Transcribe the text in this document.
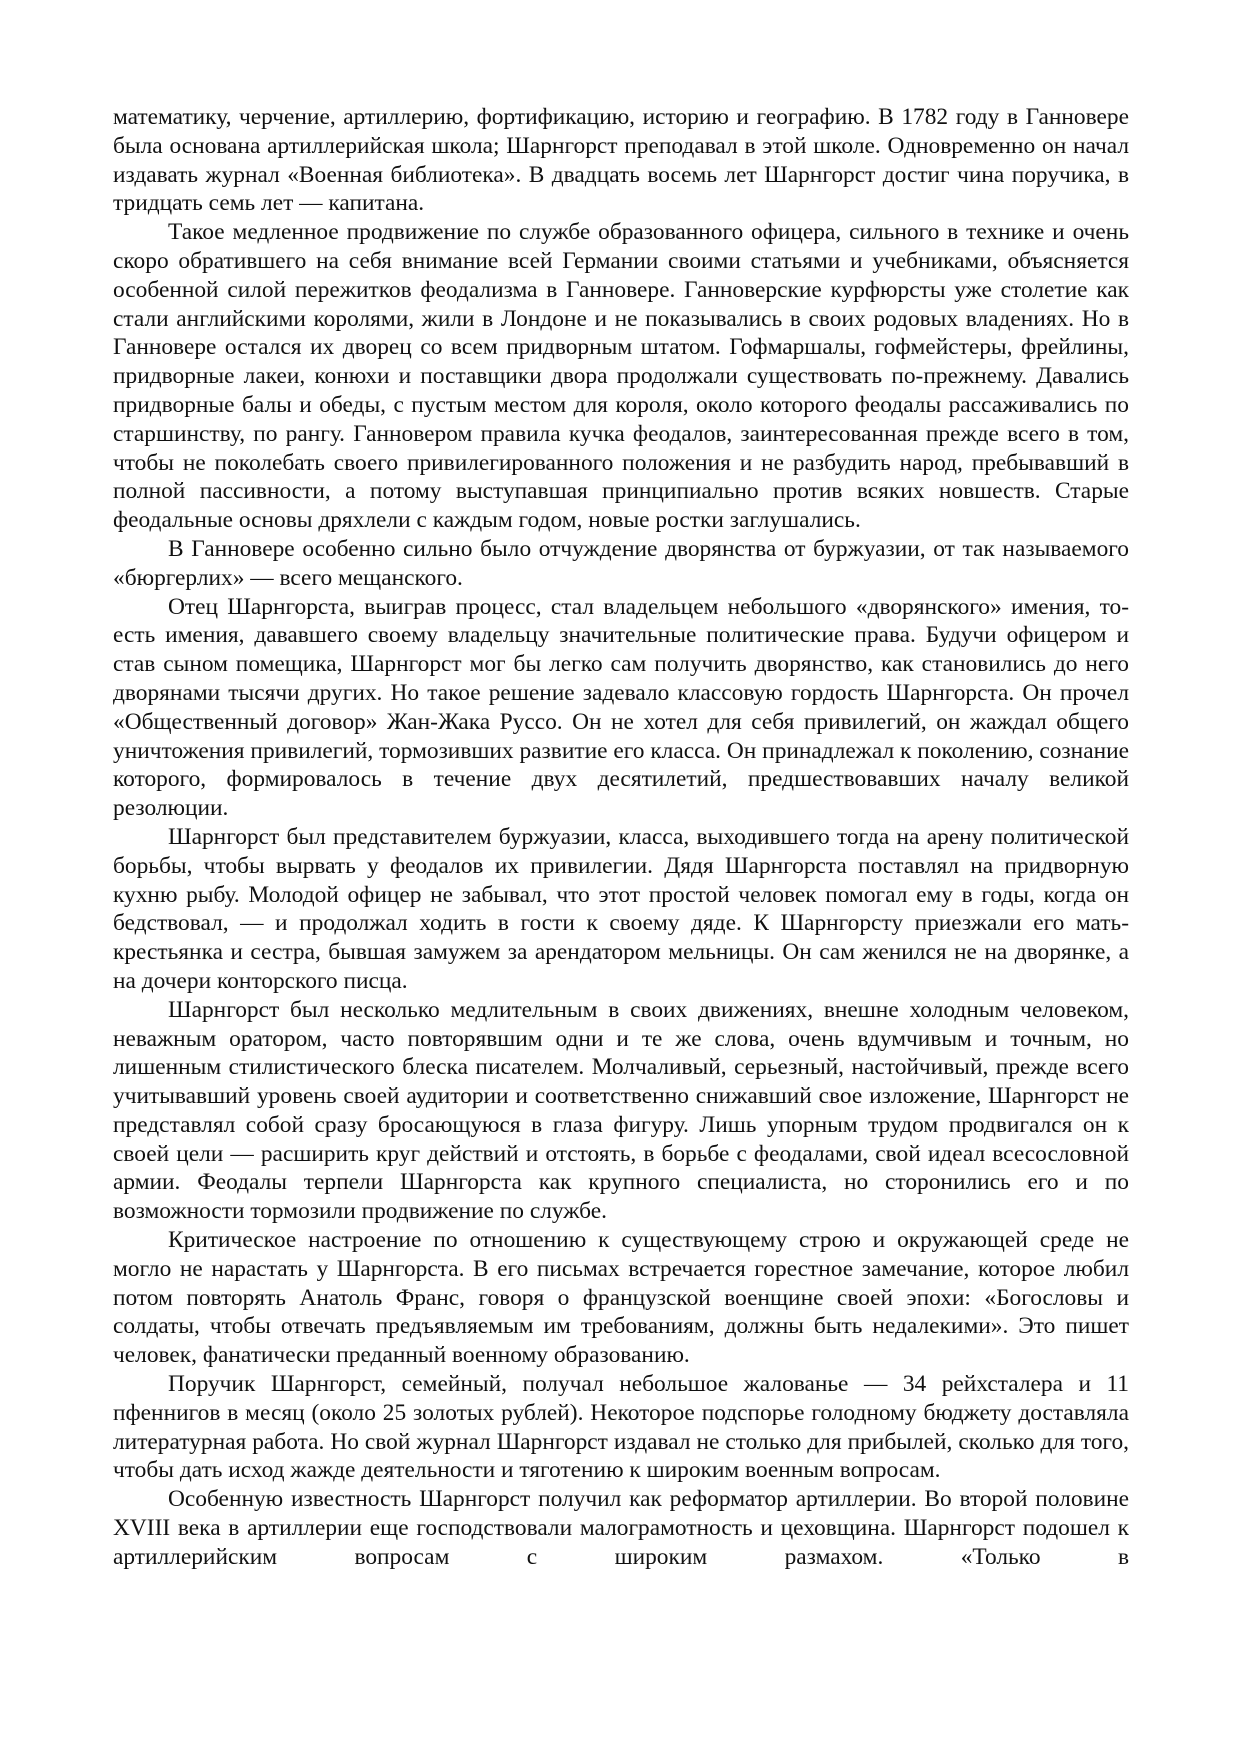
математику, черчение, артиллерию, фортификацию, историю и географию. В 1782 году в Ганновере была основана артиллерийская школа; Шарнгорст преподавал в этой школе. Одновременно он начал издавать журнал «Военная библиотека». В двадцать восемь лет Шарнгорст достиг чина поручика, в тридцать семь лет — капитана.

Такое медленное продвижение по службе образованного офицера, сильного в технике и очень скоро обратившего на себя внимание всей Германии своими статьями и учебниками, объясняется особенной силой пережитков феодализма в Ганновере. Ганноверские курфюрсты уже столетие как стали английскими королями, жили в Лондоне и не показывались в своих родовых владениях. Но в Ганновере остался их дворец со всем придворным штатом. Гофмаршалы, гофмейстеры, фрейлины, придворные лакеи, конюхи и поставщики двора продолжали существовать по-прежнему. Давались придворные балы и обеды, с пустым местом для короля, около которого феодалы рассаживались по старшинству, по рангу. Ганновером правила кучка феодалов, заинтересованная прежде всего в том, чтобы не поколебать своего привилегированного положения и не разбудить народ, пребывавший в полной пассивности, а потому выступавшая принципиально против всяких новшеств. Старые феодальные основы дряхлели с каждым годом, новые ростки заглушались.

В Ганновере особенно сильно было отчуждение дворянства от буржуазии, от так называемого «бюргерлих» — всего мещанского.

Отец Шарнгорста, выиграв процесс, стал владельцем небольшого «дворянского» имения, то-есть имения, дававшего своему владельцу значительные политические права. Будучи офицером и став сыном помещика, Шарнгорст мог бы легко сам получить дворянство, как становились до него дворянами тысячи других. Но такое решение задевало классовую гордость Шарнгорста. Он прочел «Общественный договор» Жан-Жака Руссо. Он не хотел для себя привилегий, он жаждал общего уничтожения привилегий, тормозивших развитие его класса. Он принадлежал к поколению, сознание которого, формировалось в течение двух десятилетий, предшествовавших началу великой резолюции.

Шарнгорст был представителем буржуазии, класса, выходившего тогда на арену политической борьбы, чтобы вырвать у феодалов их привилегии. Дядя Шарнгорста поставлял на придворную кухню рыбу. Молодой офицер не забывал, что этот простой человек помогал ему в годы, когда он бедствовал, — и продолжал ходить в гости к своему дяде. К Шарнгорсту приезжали его мать-крестьянка и сестра, бывшая замужем за арендатором мельницы. Он сам женился не на дворянке, а на дочери конторского писца.

Шарнгорст был несколько медлительным в своих движениях, внешне холодным человеком, неважным оратором, часто повторявшим одни и те же слова, очень вдумчивым и точным, но лишенным стилистического блеска писателем. Молчаливый, серьезный, настойчивый, прежде всего учитывавший уровень своей аудитории и соответственно снижавший свое изложение, Шарнгорст не представлял собой сразу бросающуюся в глаза фигуру. Лишь упорным трудом продвигался он к своей цели — расширить круг действий и отстоять, в борьбе с феодалами, свой идеал всесословной армии. Феодалы терпели Шарнгорста как крупного специалиста, но сторонились его и по возможности тормозили продвижение по службе.

Критическое настроение по отношению к существующему строю и окружающей среде не могло не нарастать у Шарнгорста. В его письмах встречается горестное замечание, которое любил потом повторять Анатоль Франс, говоря о французской военщине своей эпохи: «Богословы и солдаты, чтобы отвечать предъявляемым им требованиям, должны быть недалекими». Это пишет человек, фанатически преданный военному образованию.

Поручик Шарнгорст, семейный, получал небольшое жалованье — 34 рейхсталера и 11 пфеннигов в месяц (около 25 золотых рублей). Некоторое подспорье голодному бюджету доставляла литературная работа. Но свой журнал Шарнгорст издавал не столько для прибылей, сколько для того, чтобы дать исход жажде деятельности и тяготению к широким военным вопросам.

Особенную известность Шарнгорст получил как реформатор артиллерии. Во второй половине XVIII века в артиллерии еще господствовали малограмотность и цеховщина. Шарнгорст подошел к артиллерийским вопросам с широким размахом. «Только в
